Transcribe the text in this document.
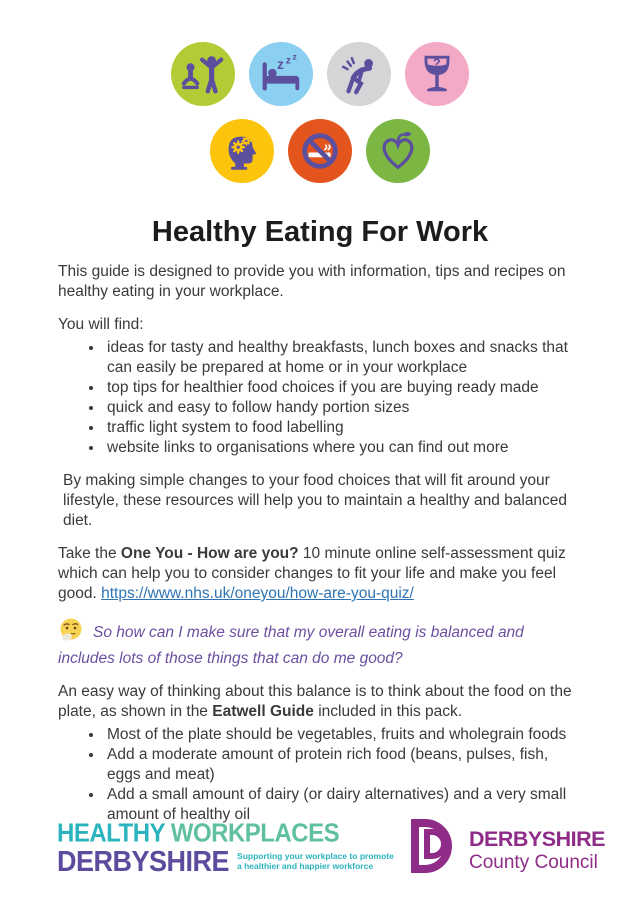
z z z	?
Healthy Eating For Work

This guide is designed to provide you with information, tips and recipes on healthy eating in your workplace.

You will find:

• ideas for tasty and healthy breakfasts, lunch boxes and snacks that can easily be prepared at home or in your workplace
• top tips for healthier food choices if you are buying ready made
• quick and easy to follow handy portion sizes
• traffic light system to food labelling
• website links to organisations where you can find out more

By making simple changes to your food choices that will fit around your lifestyle, these resources will help you to maintain a healthy and balanced diet.

Take the One You - How are you? 10 minute online self-assessment quiz which can help you to consider changes to fit your life and make you feel good. https://www.nhs.uk/oneyou/how-are-you-quiz/

So how can I make sure that my overall eating is balanced and includes lots of those things that can do me good?

An easy way of thinking about this balance is to think about the food on the plate, as shown in the Eatwell Guide included in this pack.

• Most of the plate should be vegetables, fruits and wholegrain foods
• Add a moderate amount of protein rich food (beans, pulses, fish, eggs and meat)
• Add a small amount of dairy (or dairy alternatives) and a very small amount of healthy oil
HEALTHY WORKPLACES
DERBYSHIRE Supporting your workplace to promote
a healthier and happier workforce
DERBYSHIRE
County Council
